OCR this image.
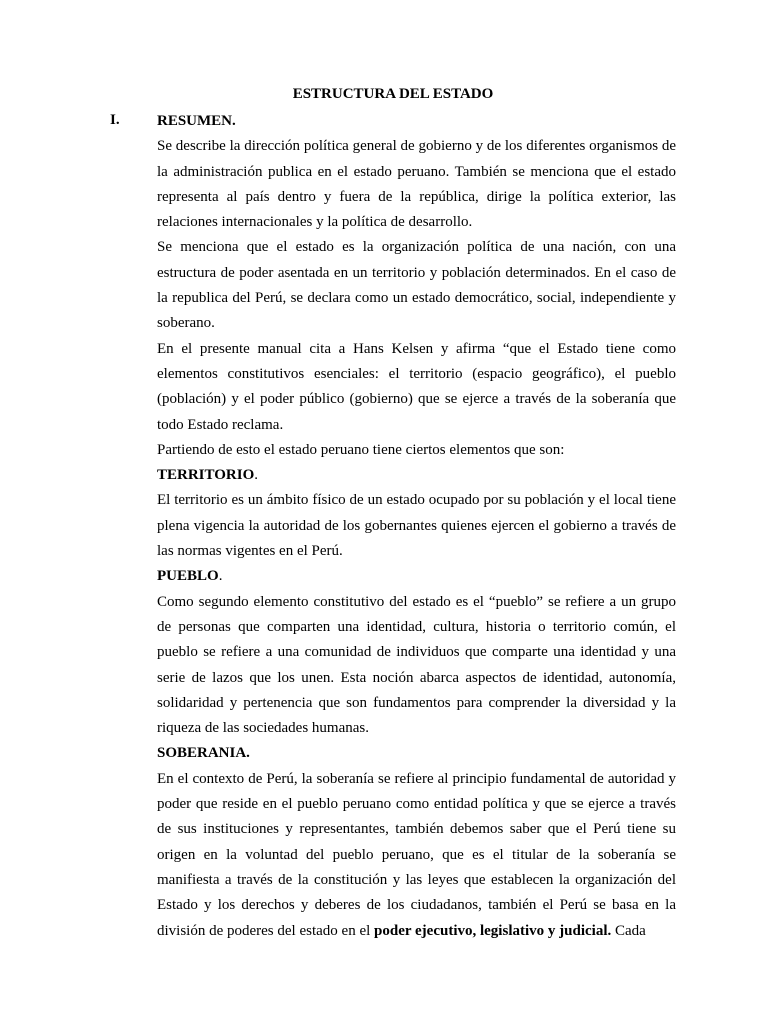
ESTRUCTURA DEL ESTADO
I. RESUMEN.

Se describe la dirección política general de gobierno y de los diferentes organismos de la administración publica en el estado peruano. También se menciona que el estado representa al país dentro y fuera de la república, dirige la política exterior, las relaciones internacionales y la política de desarrollo.

Se menciona que el estado es la organización política de una nación, con una estructura de poder asentada en un territorio y población determinados. En el caso de la republica del Perú, se declara como un estado democrático, social, independiente y soberano.

En el presente manual cita a Hans Kelsen y afirma “que el Estado tiene como elementos constitutivos esenciales: el territorio (espacio geográfico), el pueblo (población) y el poder público (gobierno) que se ejerce a través de la soberanía que todo Estado reclama.

Partiendo de esto el estado peruano tiene ciertos elementos que son:

TERRITORIO.

El territorio es un ámbito físico de un estado ocupado por su población y el local tiene plena vigencia la autoridad de los gobernantes quienes ejercen el gobierno a través de las normas vigentes en el Perú.

PUEBLO.

Como segundo elemento constitutivo del estado es el “pueblo” se refiere a un grupo de personas que comparten una identidad, cultura, historia o territorio común, el pueblo se refiere a una comunidad de individuos que comparte una identidad y una serie de lazos que los unen. Esta noción abarca aspectos de identidad, autonomía, solidaridad y pertenencia que son fundamentos para comprender la diversidad y la riqueza de las sociedades humanas.

SOBERANIA.

En el contexto de Perú, la soberanía se refiere al principio fundamental de autoridad y poder que reside en el pueblo peruano como entidad política y que se ejerce a través de sus instituciones y representantes, también debemos saber que el Perú tiene su origen en la voluntad del pueblo peruano, que es el titular de la soberanía se manifiesta a través de la constitución y las leyes que establecen la organización del Estado y los derechos y deberes de los ciudadanos, también el Perú se basa en la división de poderes del estado en el poder ejecutivo, legislativo y judicial. Cada
